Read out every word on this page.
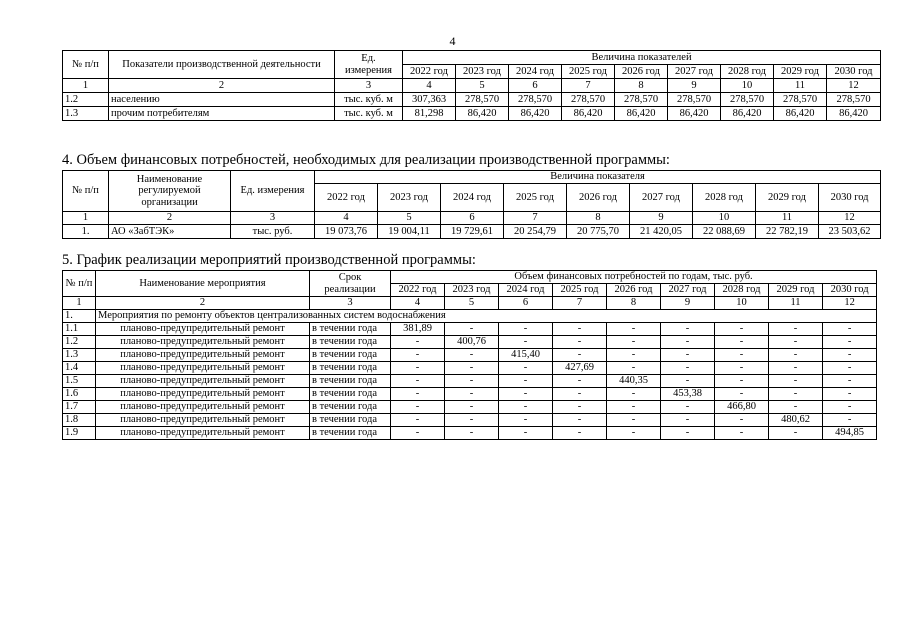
4
№ п/п	Показатели производственной деятельности	Ед. измерения	Величина показателей								
			2022 год	2023 год	2024 год	2025 год	2026 год	2027 год	2028 год	2029 год	2030 год
1	2	3	4	5	6	7	8	9	10	11	12
1.2	населению	тыс. куб. м	307,363	278,570	278,570	278,570	278,570	278,570	278,570	278,570	278,570
1.3	прочим потребителям	тыс. куб. м	81,298	86,420	86,420	86,420	86,420	86,420	86,420	86,420	86,420
4. Объем финансовых потребностей, необходимых для реализации производственной программы:
№ п/п	Наименование регулируемой организации	Ед. измерения	Величина показателя								
			2022 год	2023 год	2024 год	2025 год	2026 год	2027 год	2028 год	2029 год	2030 год
1	2	3	4	5	6	7	8	9	10	11	12
1.	АО «ЗабТЭК»	тыс. руб.	19 073,76	19 004,11	19 729,61	20 254,79	20 775,70	21 420,05	22 088,69	22 782,19	23 503,62
5. График реализации мероприятий производственной программы:
№ п/п	Наименование мероприятия	Срок реализации	Объем финансовых потребностей по годам, тыс. руб.								
			2022 год	2023 год	2024 год	2025 год	2026 год	2027 год	2028 год	2029 год	2030 год
1	2	3	4	5	6	7	8	9	10	11	12
1.	Мероприятия по ремонту объектов централизованных систем водоснабжения										
1.1	планово-предупредительный ремонт	в течении года	381,89	-	-	-	-	-	-	-	-
1.2	планово-предупредительный ремонт	в течении года	-	400,76	-	-	-	-	-	-	-
1.3	планово-предупредительный ремонт	в течении года	-	-	415,40	-	-	-	-	-	-
1.4	планово-предупредительный ремонт	в течении года	-	-	-	427,69	-	-	-	-	-
1.5	планово-предупредительный ремонт	в течении года	-	-	-	-	440,35	-	-	-	-
1.6	планово-предупредительный ремонт	в течении года	-	-	-	-	-	453,38	-	-	-
1.7	планово-предупредительный ремонт	в течении года	-	-	-	-	-	-	466,80	-	-
1.8	планово-предупредительный ремонт	в течении года	-	-	-	-	-	-	-	480,62	-
1.9	планово-предупредительный ремонт	в течении года	-	-	-	-	-	-	-	-	494,85
